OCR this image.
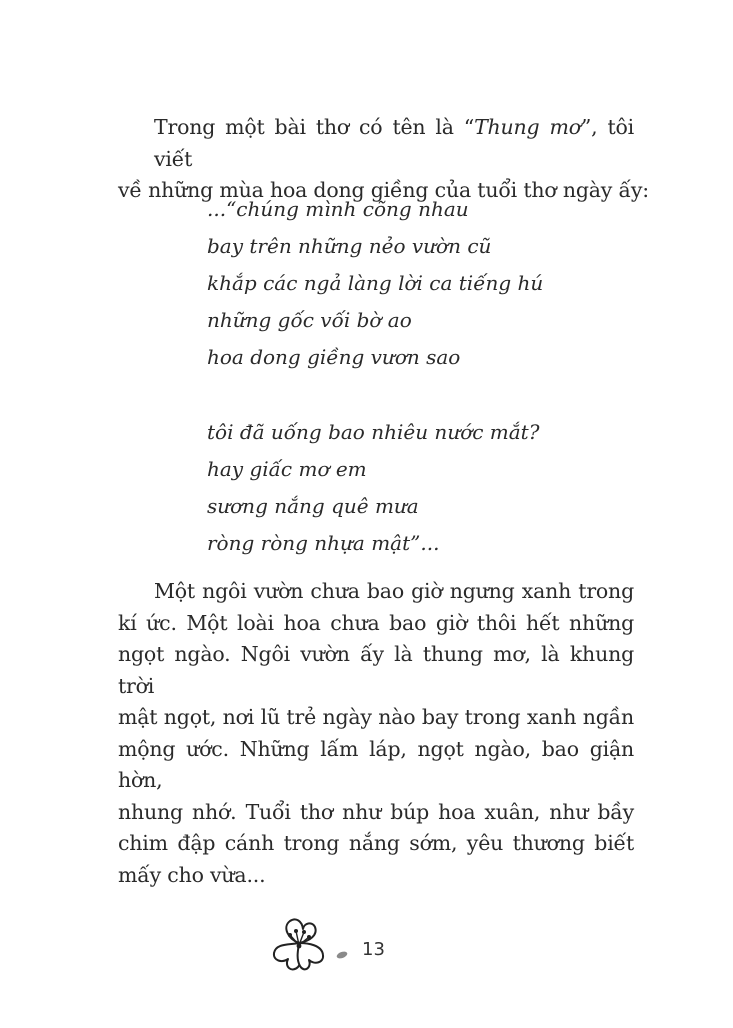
Trong một bài thơ có tên là “Thung mơ”, tôi viết
về những mùa hoa dong giềng của tuổi thơ ngày ấy:

...“chúng mình cõng nhau
bay trên những nẻo vườn cũ
khắp các ngả làng lời ca tiếng hú
những gốc vối bờ ao
hoa dong giềng vươn sao
tôi đã uống bao nhiêu nước mắt?
hay giấc mơ em
sương nắng quê mưa
ròng ròng nhựa mật”...

Một ngôi vườn chưa bao giờ ngưng xanh trong
kí ức. Một loài hoa chưa bao giờ thôi hết những
ngọt ngào. Ngôi vườn ấy là thung mơ, là khung trời
mật ngọt, nơi lũ trẻ ngày nào bay trong xanh ngần
mộng ước. Những lấm láp, ngọt ngào, bao giận hờn,
nhung nhớ. Tuổi thơ như búp hoa xuân, như bầy
chim đập cánh trong nắng sớm, yêu thương biết
mấy cho vừa...

13
